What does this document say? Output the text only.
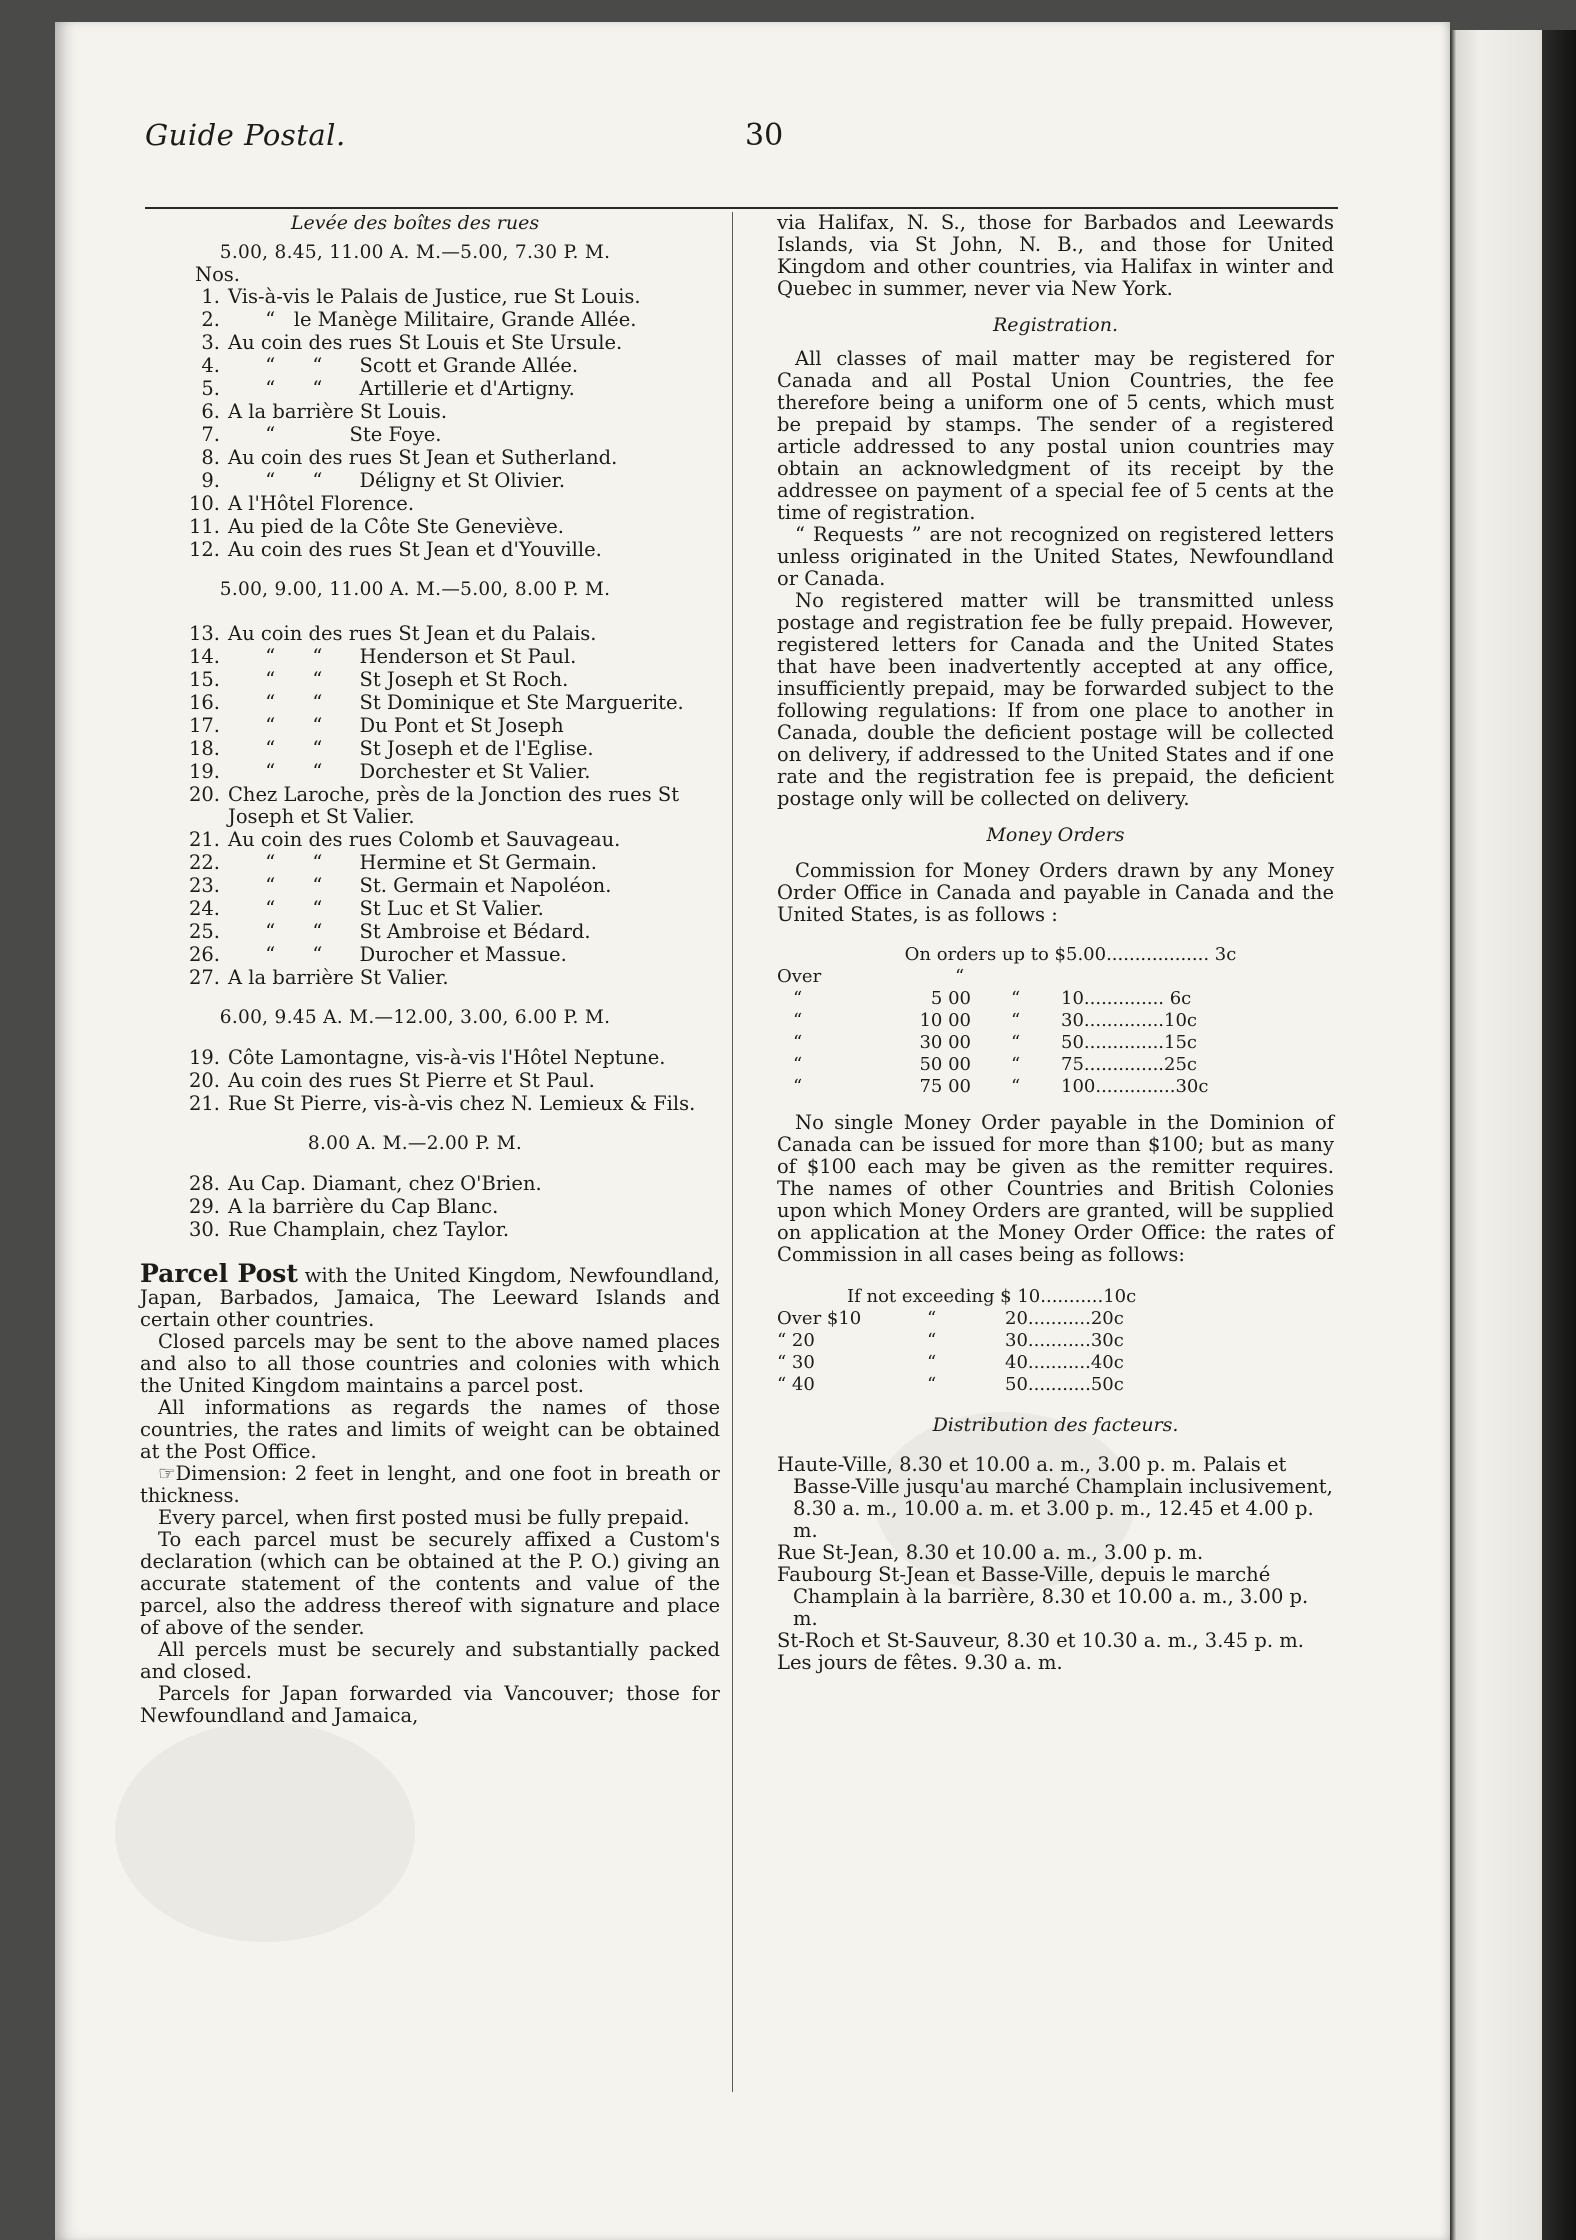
Guide Postal.	30
Levée des boîtes des rues
5.00, 8.45, 11.00 A. M.—5.00, 7.30 P. M.
Nos.
1. Vis-à-vis le Palais de Justice, rue St Louis.
2. “   le Manège Militaire, Grande Allée.
3. Au coin des rues St Louis et Ste Ursule.
4. “      “      Scott et Grande Allée.
5. “      “      Artillerie et d'Artigny.
6. A la barrière St Louis.
7. “            Ste Foye.
8. Au coin des rues St Jean et Sutherland.
9. “      “      Déligny et St Olivier.
10. A l'Hôtel Florence.
11. Au pied de la Côte Ste Geneviève.
12. Au coin des rues St Jean et d'Youville.
5.00, 9.00, 11.00 A. M.—5.00, 8.00 P. M.
13. Au coin des rues St Jean et du Palais.
14. “      “      Henderson et St Paul.
15. “      “      St Joseph et St Roch.
16. “      “      St Dominique et Ste Marguerite.
17. “      “      Du Pont et St Joseph
18. “      “      St Joseph et de l'Eglise.
19. “      “      Dorchester et St Valier.
20. Chez Laroche, près de la Jonction des rues St Joseph et St Valier.
21. Au coin des rues Colomb et Sauvageau.
22. “      “      Hermine et St Germain.
23. “      “      St. Germain et Napoléon.
24. “      “      St Luc et St Valier.
25. “      “      St Ambroise et Bédard.
26. “      “      Durocher et Massue.
27. A la barrière St Valier.
6.00, 9.45 A. M.—12.00, 3.00, 6.00 P. M.
19. Côte Lamontagne, vis-à-vis l'Hôtel Neptune.
20. Au coin des rues St Pierre et St Paul.
21. Rue St Pierre, vis-à-vis chez N. Lemieux & Fils.
8.00 A. M.—2.00 P. M.
28. Au Cap. Diamant, chez O'Brien.
29. A la barrière du Cap Blanc.
30. Rue Champlain, chez Taylor.

Parcel Post with the United Kingdom, Newfoundland, Japan, Barbados, Jamaica, The Leeward Islands and certain other countries.

Closed parcels may be sent to the above named places and also to all those countries and colonies with which the United Kingdom maintains a parcel post.

All informations as regards the names of those countries, the rates and limits of weight can be obtained at the Post Office.

☞Dimension: 2 feet in lenght, and one foot in breath or thickness.

Every parcel, when first posted musi be fully prepaid.

To each parcel must be securely affixed a Custom's declaration (which can be obtained at the P. O.) giving an accurate statement of the contents and value of the parcel, also the address thereof with signature and place of above of the sender.

All percels must be securely and substantially packed and closed.

Parcels for Japan forwarded via Vancouver; those for Newfoundland and Jamaica,

via Halifax, N. S., those for Barbados and Leewards Islands, via St John, N. B., and those for United Kingdom and other countries, via Halifax in winter and Quebec in summer, never via New York.

Registration.

All classes of mail matter may be registered for Canada and all Postal Union Countries, the fee therefore being a uniform one of 5 cents, which must be prepaid by stamps. The sender of a registered article addressed to any postal union countries may obtain an acknowledgment of its receipt by the addressee on payment of a special fee of 5 cents at the time of registration.

“ Requests ” are not recognized on registered letters unless originated in the United States, Newfoundland or Canada.

No registered matter will be transmitted unless postage and registration fee be fully prepaid. However, registered letters for Canada and the United States that have been inadvertently accepted at any office, insufficiently prepaid, may be forwarded subject to the following regulations: If from one place to another in Canada, double the deficient postage will be collected on delivery, if addressed to the United States and if one rate and the registration fee is prepaid, the deficient postage only will be collected on delivery.

Money Orders

Commission for Money Orders drawn by any Money Order Office in Canada and payable in Canada and the United States, is as follows :

On orders up to $5.00.................. 3c
Over	“
“	5 00	“	10.............. 6c
“	10 00	“	30..............10c
“	30 00	“	50..............15c
“	50 00	“	75..............25c
“	75 00	“	100..............30c

No single Money Order payable in the Dominion of Canada can be issued for more than $100; but as many of $100 each may be given as the remitter requires. The names of other Countries and British Colonies upon which Money Orders are granted, will be supplied on application at the Money Order Office: the rates of Commission in all cases being as follows:

If not exceeding $ 10...........10c
Over $10	“	20...........20c
“ 20	“	30...........30c
“ 30	“	40...........40c
“ 40	“	50...........50c
Distribution des facteurs.

Haute-Ville, 8.30 et 10.00 a. m., 3.00 p. m. Palais et Basse-Ville jusqu'au marché Champlain inclusivement, 8.30 a. m., 10.00 a. m. et 3.00 p. m., 12.45 et 4.00 p. m.

Rue St-Jean, 8.30 et 10.00 a. m., 3.00 p. m.

Faubourg St-Jean et Basse-Ville, depuis le marché Champlain à la barrière, 8.30 et 10.00 a. m., 3.00 p. m.

St-Roch et St-Sauveur, 8.30 et 10.30 a. m., 3.45 p. m.

Les jours de fêtes. 9.30 a. m.
